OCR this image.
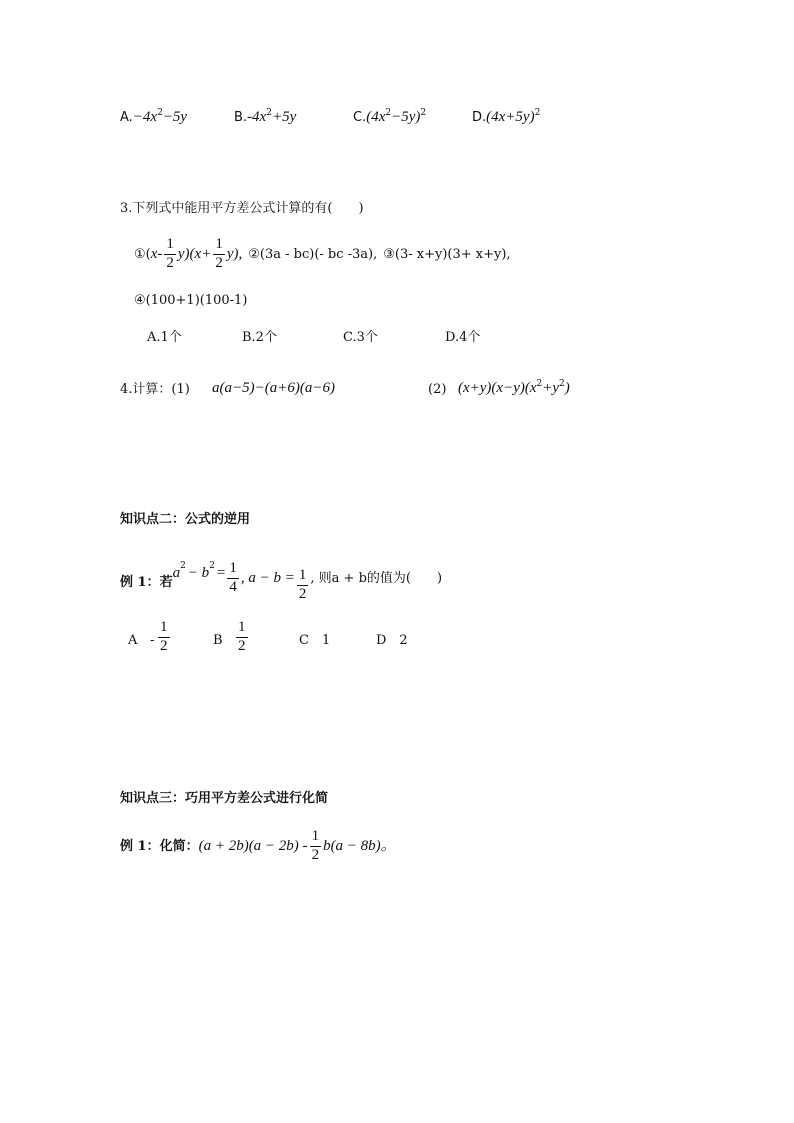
$A.-4x^2-5y$	$B.-4x^2+5y$	$C.(4x^2-5y)^2$	$D.(4x+5y)^2$
3.下列式中能用平方差公式计算的有(　　)
①( $x- \frac{1}{2} y$)( $x+ \frac{1}{2} y$), ②(3a - bc)(- bc -3a), ③(3- x+y)(3+ x+y),
④(100+1)(100-1)
A.1个	B.2个	C.3个	D.4个
4.计算：(1) a(a−5)−(a+6)(a−6)	(2) $(x+y)(x-y)(x^2+y^2)$
知识点二：公式的逆用
例 1：若
a 2 − b $2 = \frac{1}{4}$ , $a - b = \frac{1}{2}$ , 则a + b的值为(　　)
A - $\frac{1}{2}$	B $\frac{1}{2}$	C　1	D　2
知识点三：巧用平方差公式进行化简
例 1：化简： $(a + 2b)(a - 2b) - \frac{1}{2} b(a - 8b)$。
